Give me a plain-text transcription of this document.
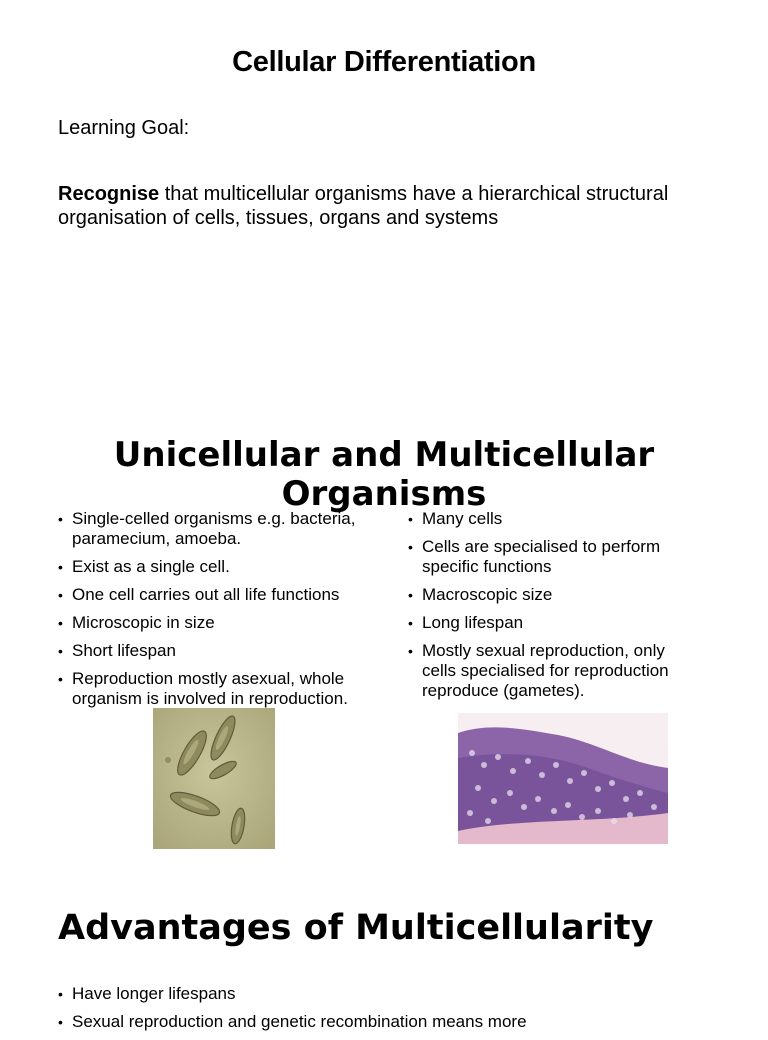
Cellular Differentiation
Learning Goal:
Recognise that multicellular organisms have a hierarchical structural organisation of cells, tissues, organs and systems
Unicellular and Multicellular Organisms
• Single-celled organisms e.g. bacteria, paramecium, amoeba.
• Exist as a single cell.
• One cell carries out all life functions
• Microscopic in size
• Short lifespan
• Reproduction mostly asexual, whole organism is involved in reproduction.
• Many cells
• Cells are specialised to perform specific functions
• Macroscopic size
• Long lifespan
• Mostly sexual reproduction, only cells specialised for reproduction reproduce (gametes).
Advantages of Multicellularity
• Have longer lifespans
• Sexual reproduction and genetic recombination means more
